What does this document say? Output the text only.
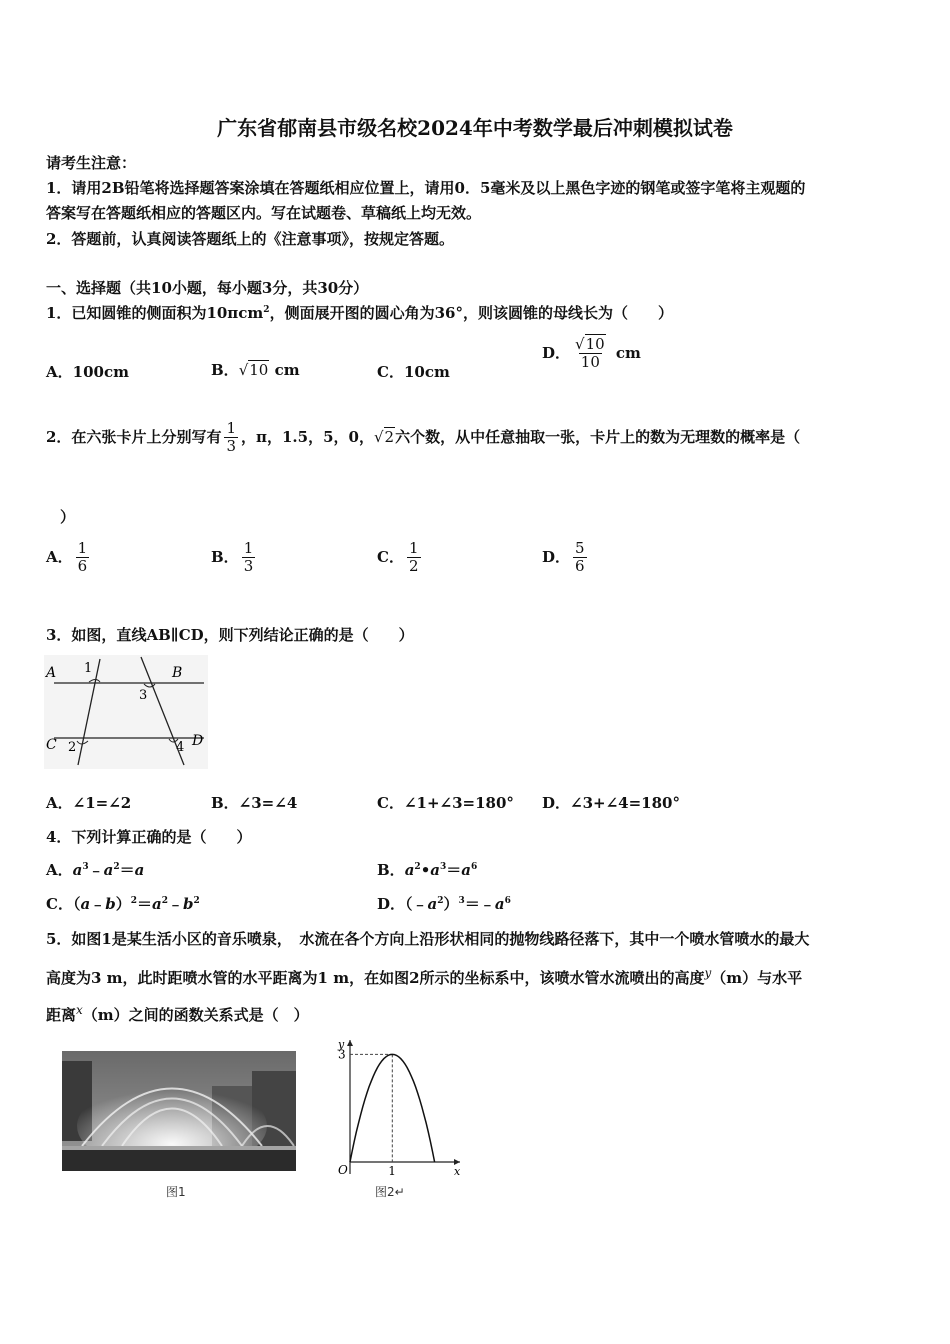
广东省郁南县市级名校2024年中考数学最后冲刺模拟试卷
请考生注意：
1．请用2B铅笔将选择题答案涂填在答题纸相应位置上，请用0．5毫米及以上黑色字迹的钢笔或签字笔将主观题的
答案写在答题纸相应的答题区内。写在试题卷、草稿纸上均无效。
2．答题前，认真阅读答题纸上的《注意事项》，按规定答题。
一、选择题（共10小题，每小题3分，共30分）
1．已知圆锥的侧面积为10πcm$^2$，侧面展开图的圆心角为36°，则该圆锥的母线长为（　　）
A．100cm	B．√10 cm	C．10cm
D． $\frac{√10}{10}$ cm
2．在六张卡片上分别写有 $\frac{1}{3}$ ，π，1.5，5，0，√2六个数，从中任意抽取一张，卡片上的数为无理数的概率是（
）
A． $\frac{1}{6}$	B． $\frac{1}{3}$	C． $\frac{1}{2}$	D． $\frac{5}{6}$
3．如图，直线AB∥CD，则下列结论正确的是（　　）
A	B
C	D
1
2
3
4
A．∠1=∠2	B．∠3=∠4	C．∠1+∠3=180° D．∠3+∠4=180°
4．下列计算正确的是（　　）
A．$a^3﹣a^2=a$	B．$a^2•a^3=a^6$
C．$(a﹣b)^2=a^2﹣b^2$	D．$(﹣a^2)^3=﹣a^6$
5．如图1是某生活小区的音乐喷泉，　水流在各个方向上沿形状相同的抛物线路径落下，其中一个喷水管喷水的最大
高度为3 m，此时距喷水管的水平距离为1 m，在如图2所示的坐标系中，该喷水管水流喷出的高度$^y$（m）与水平
距离$^x$（m）之间的函数关系式是（　）
图1
y
x
O
3
1
图2↵
